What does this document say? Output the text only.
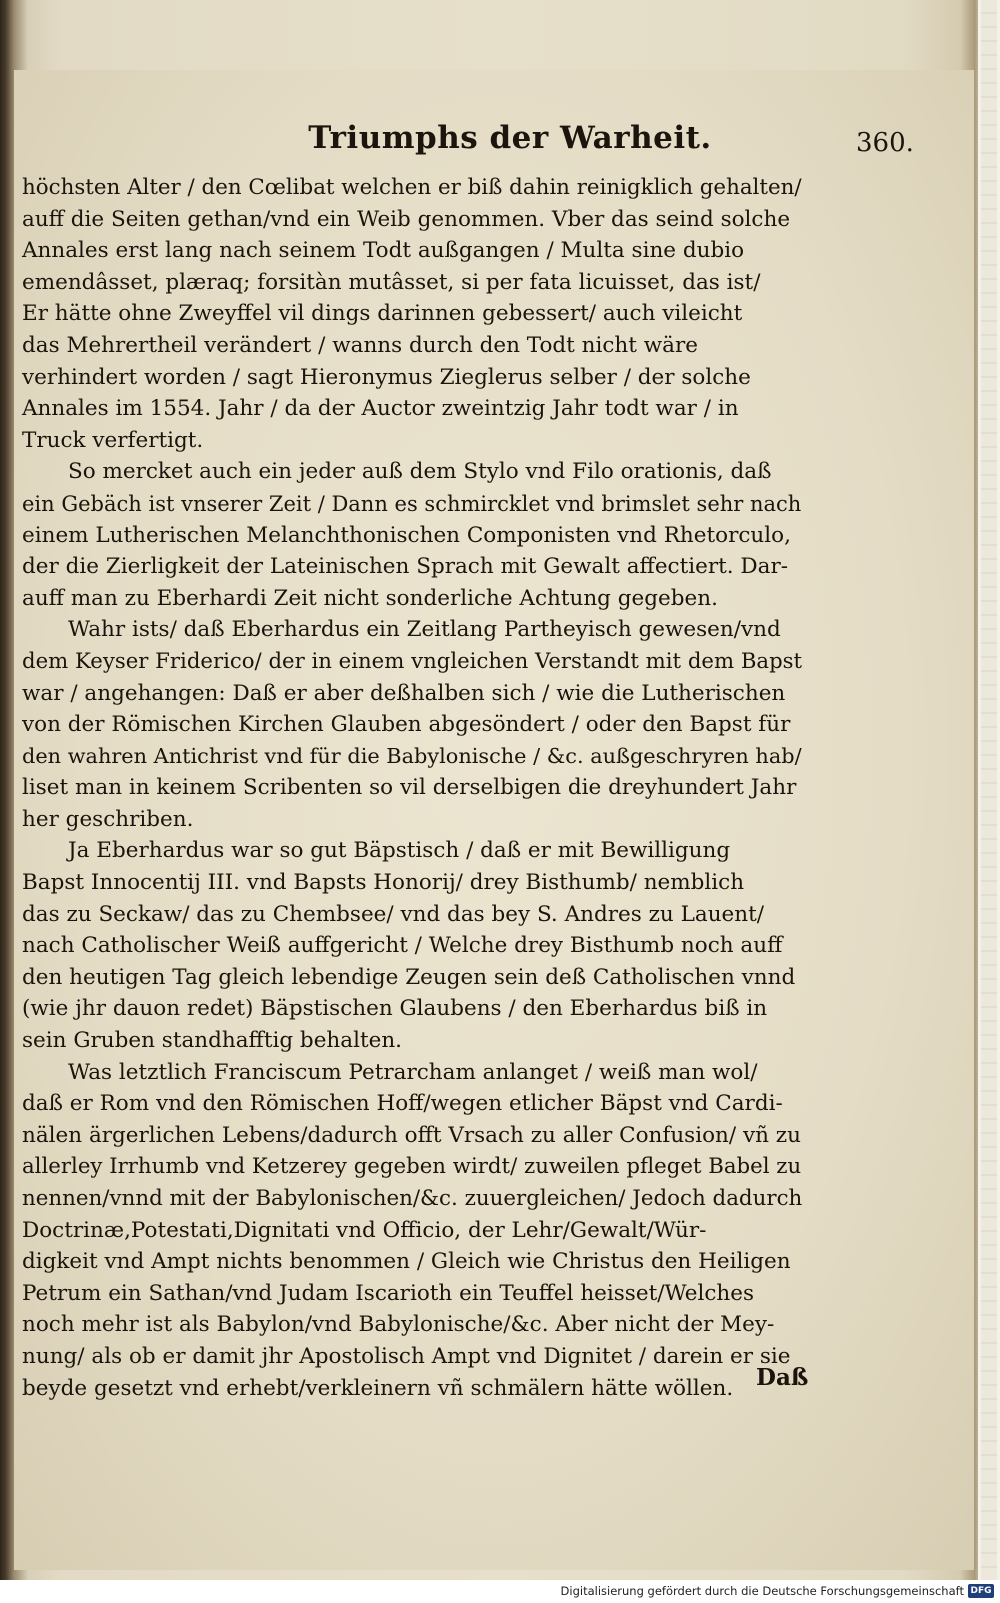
Triumphs der Warheit.	360.
höchsten Alter / den Cœlibat welchen er biß dahin reinigklich gehalten/
auff die Seiten gethan/vnd ein Weib genommen. Vber das seind solche
Annales erst lang nach seinem Todt außgangen / Multa sine dubio
emendâsset, plæraq; forsitàn mutâsset, si per fata licuisset, das ist/
Er hätte ohne Zweyffel vil dings darinnen gebessert/ auch vileicht
das Mehrertheil verändert / wanns durch den Todt nicht wäre
verhindert worden / sagt Hieronymus Zieglerus selber / der solche
Annales im 1554. Jahr / da der Auctor zweintzig Jahr todt war / in
Truck verfertigt.
So mercket auch ein jeder auß dem Stylo vnd Filo orationis, daß
ein Gebäch ist vnserer Zeit / Dann es schmircklet vnd brimslet sehr nach
einem Lutherischen Melanchthonischen Componisten vnd Rhetorculo,
der die Zierligkeit der Lateinischen Sprach mit Gewalt affectiert. Dar-
auff man zu Eberhardi Zeit nicht sonderliche Achtung gegeben.
Wahr ists/ daß Eberhardus ein Zeitlang Partheyisch gewesen/vnd
dem Keyser Friderico/ der in einem vngleichen Verstandt mit dem Bapst
war / angehangen: Daß er aber deßhalben sich / wie die Lutherischen
von der Römischen Kirchen Glauben abgesöndert / oder den Bapst für
den wahren Antichrist vnd für die Babylonische / &c. außgeschryren hab/
liset man in keinem Scribenten so vil derselbigen die dreyhundert Jahr
her geschriben.
Ja Eberhardus war so gut Bäpstisch / daß er mit Bewilligung
Bapst Innocentij III. vnd Bapsts Honorij/ drey Bisthumb/ nemblich
das zu Seckaw/ das zu Chembsee/ vnd das bey S. Andres zu Lauent/
nach Catholischer Weiß auffgericht / Welche drey Bisthumb noch auff
den heutigen Tag gleich lebendige Zeugen sein deß Catholischen vnnd
(wie jhr dauon redet) Bäpstischen Glaubens / den Eberhardus biß in
sein Gruben standhafftig behalten.
Was letztlich Franciscum Petrarcham anlanget / weiß man wol/
daß er Rom vnd den Römischen Hoff/wegen etlicher Bäpst vnd Cardi-
nälen ärgerlichen Lebens/dadurch offt Vrsach zu aller Confusion/ vñ zu
allerley Irrhumb vnd Ketzerey gegeben wirdt/ zuweilen pfleget Babel zu
nennen/vnnd mit der Babylonischen/&c. zuuergleichen/ Jedoch dadurch
Doctrinæ,Potestati,Dignitati vnd Officio, der Lehr/Gewalt/Wür-
digkeit vnd Ampt nichts benommen / Gleich wie Christus den Heiligen
Petrum ein Sathan/vnd Judam Iscarioth ein Teuffel heisset/Welches
noch mehr ist als Babylon/vnd Babylonische/&c. Aber nicht der Mey-
nung/ als ob er damit jhr Apostolisch Ampt vnd Dignitet / darein er sie
beyde gesetzt vnd erhebt/verkleinern vñ schmälern hätte wöllen. Daß
Digitalisierung gefördert durch die Deutsche Forschungsgemeinschaft DFG
